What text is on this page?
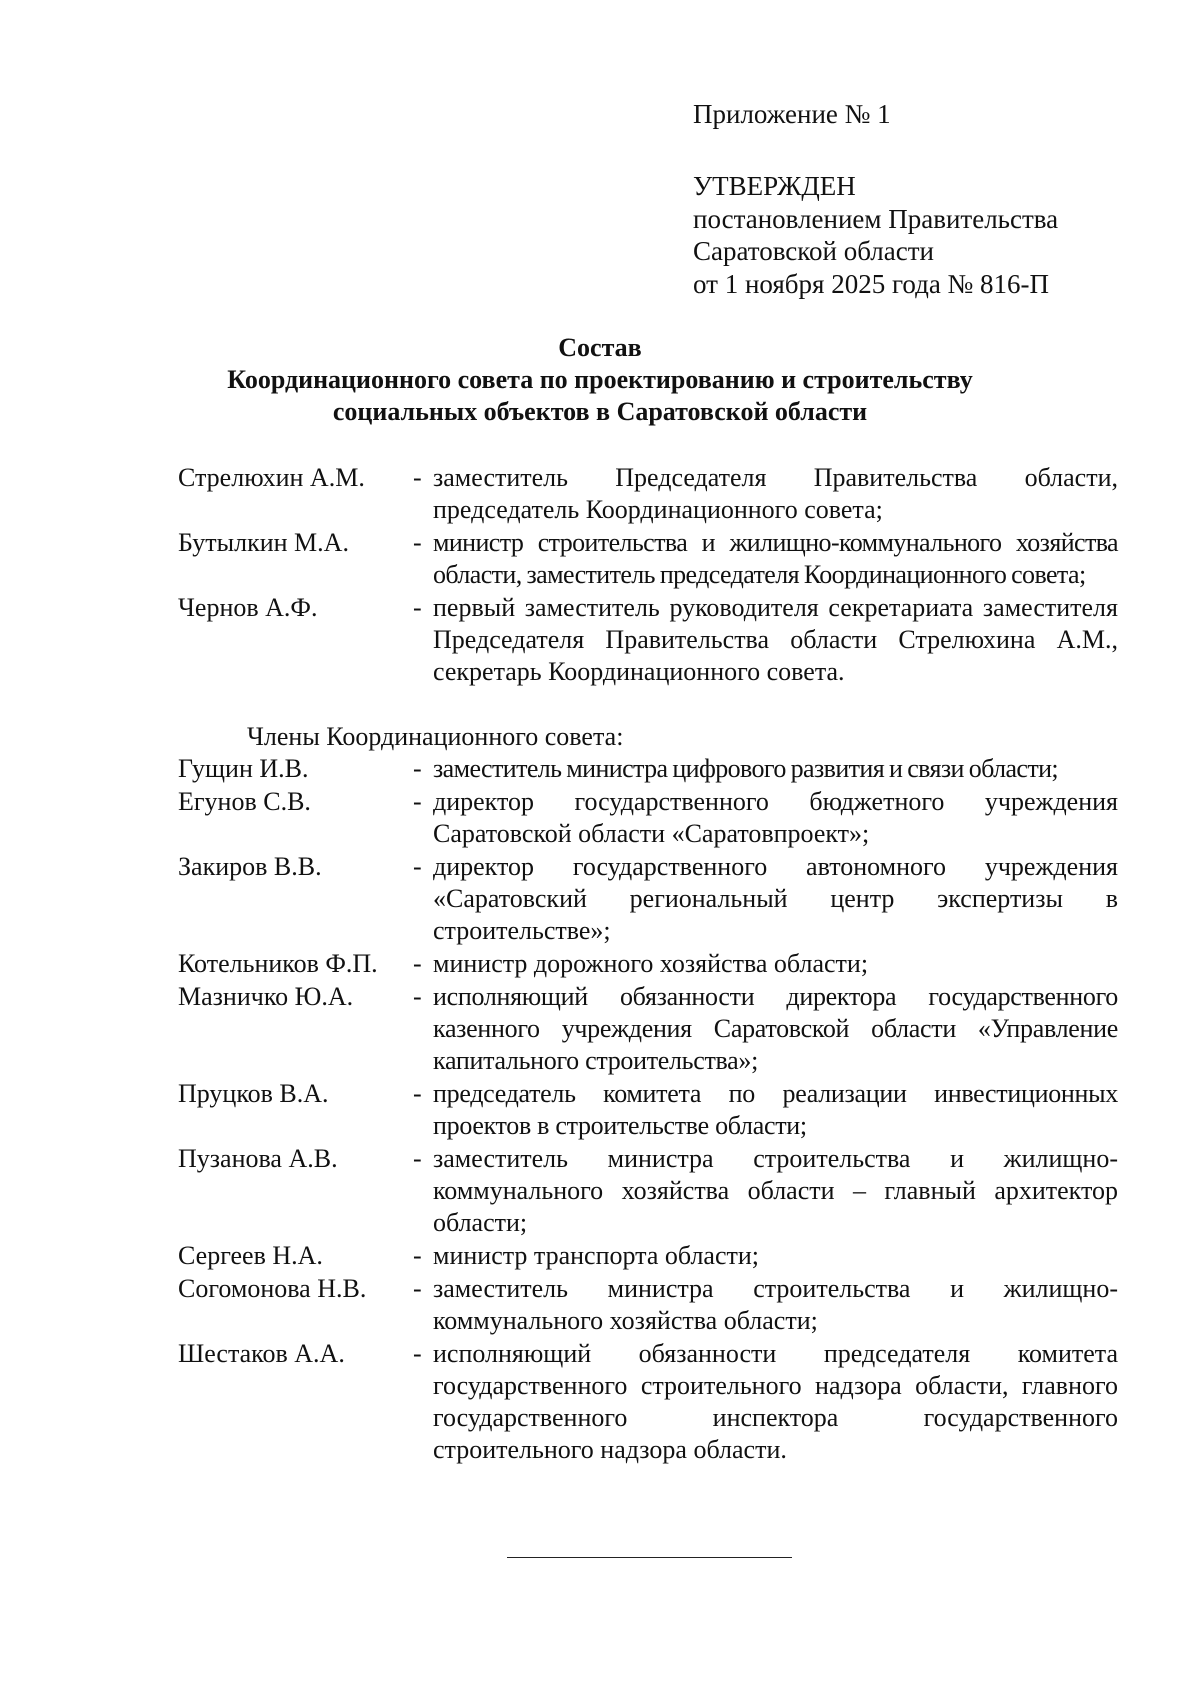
Приложение № 1
УТВЕРЖДЕН
постановлением Правительства
Саратовской области
от 1 ноября 2025 года № 816-П
Состав
Координационного совета по проектированию и строительству
социальных объектов в Саратовской области
Стрелюхин А.М.	- заместитель Председателя Правительства области, председатель Координационного совета;
Бутылкин М.А.	- министр строительства и жилищно-коммунального хозяйства области, заместитель председателя Координационного совета;
Чернов А.Ф.	- первый заместитель руководителя секретариата заместителя Председателя Правительства области Стрелюхина А.М., секретарь Координационного совета.
Члены Координационного совета:
Гущин И.В.	- заместитель министра цифрового развития и связи области;
Егунов С.В.	- директор государственного бюджетного учреждения Саратовской области «Саратовпроект»;
Закиров В.В.	- директор государственного автономного учреждения «Саратовский региональный центр экспертизы в строительстве»;
Котельников Ф.П.	- министр дорожного хозяйства области;
Мазничко Ю.А.	- исполняющий обязанности директора государственного казенного учреждения Саратовской области «Управление капитального строительства»;
Пруцков В.А.	- председатель комитета по реализации инвестиционных проектов в строительстве области;
Пузанова А.В.	- заместитель министра строительства и жилищно-коммунального хозяйства области – главный архитектор области;
Сергеев Н.А.	- министр транспорта области;
Согомонова Н.В.	- заместитель министра строительства и жилищно-коммунального хозяйства области;
Шестаков А.А.	- исполняющий обязанности председателя комитета государственного строительного надзора области, главного государственного инспектора государственного строительного надзора области.
